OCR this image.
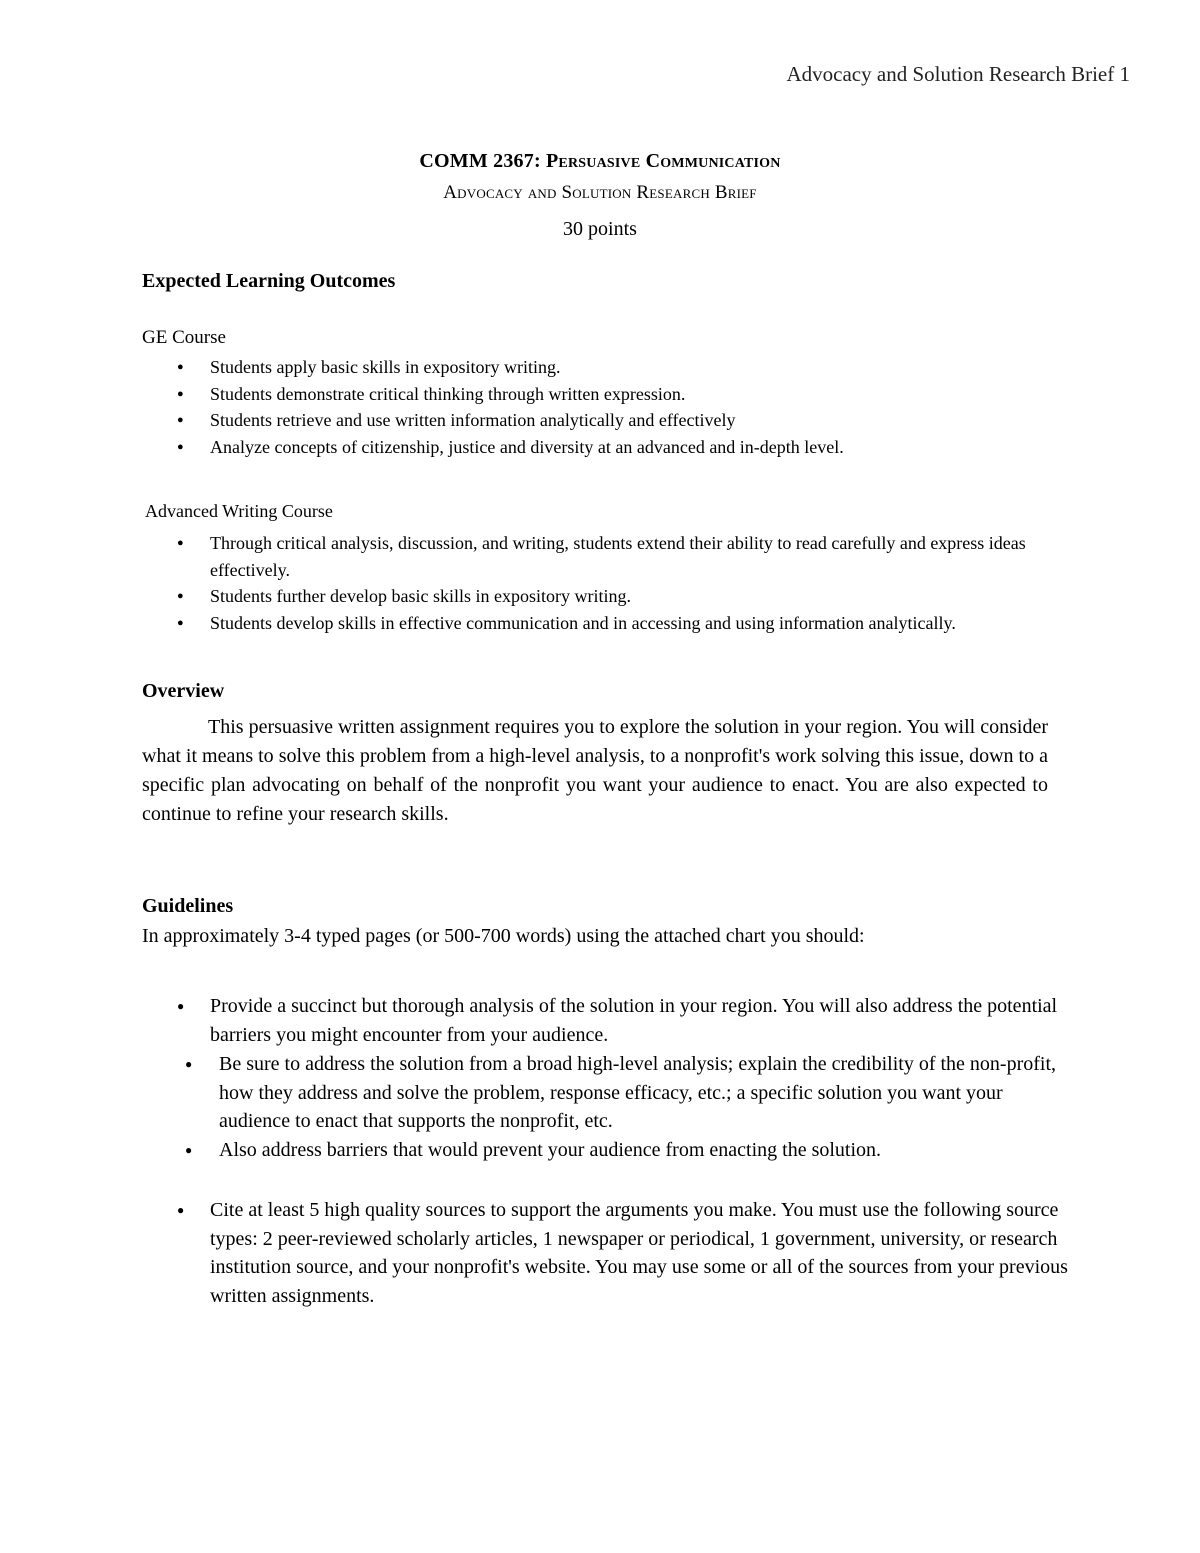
Advocacy and Solution Research Brief 1
COMM 2367: Persuasive Communication
Advocacy and Solution Research Brief
30 points
Expected Learning Outcomes
GE Course
● Students apply basic skills in expository writing.
● Students demonstrate critical thinking through written expression.
● Students retrieve and use written information analytically and effectively
● Analyze concepts of citizenship, justice and diversity at an advanced and in-depth level.
Advanced Writing Course
● Through critical analysis, discussion, and writing, students extend their ability to read carefully and express ideas effectively.
● Students further develop basic skills in expository writing.
● Students develop skills in effective communication and in accessing and using information analytically.
Overview
This persuasive written assignment requires you to explore the solution in your region. You will consider what it means to solve this problem from a high-level analysis, to a nonprofit's work solving this issue, down to a specific plan advocating on behalf of the nonprofit you want your audience to enact. You are also expected to continue to refine your research skills.
Guidelines
In approximately 3-4 typed pages (or 500-700 words) using the attached chart you should:
● Provide a succinct but thorough analysis of the solution in your region. You will also address the potential barriers you might encounter from your audience.
● Be sure to address the solution from a broad high-level analysis; explain the credibility of the non-profit, how they address and solve the problem, response efficacy, etc.; a specific solution you want your audience to enact that supports the nonprofit, etc.
● Also address barriers that would prevent your audience from enacting the solution.
● Cite at least 5 high quality sources to support the arguments you make. You must use the following source types: 2 peer-reviewed scholarly articles, 1 newspaper or periodical, 1 government, university, or research institution source, and your nonprofit's website. You may use some or all of the sources from your previous written assignments.
